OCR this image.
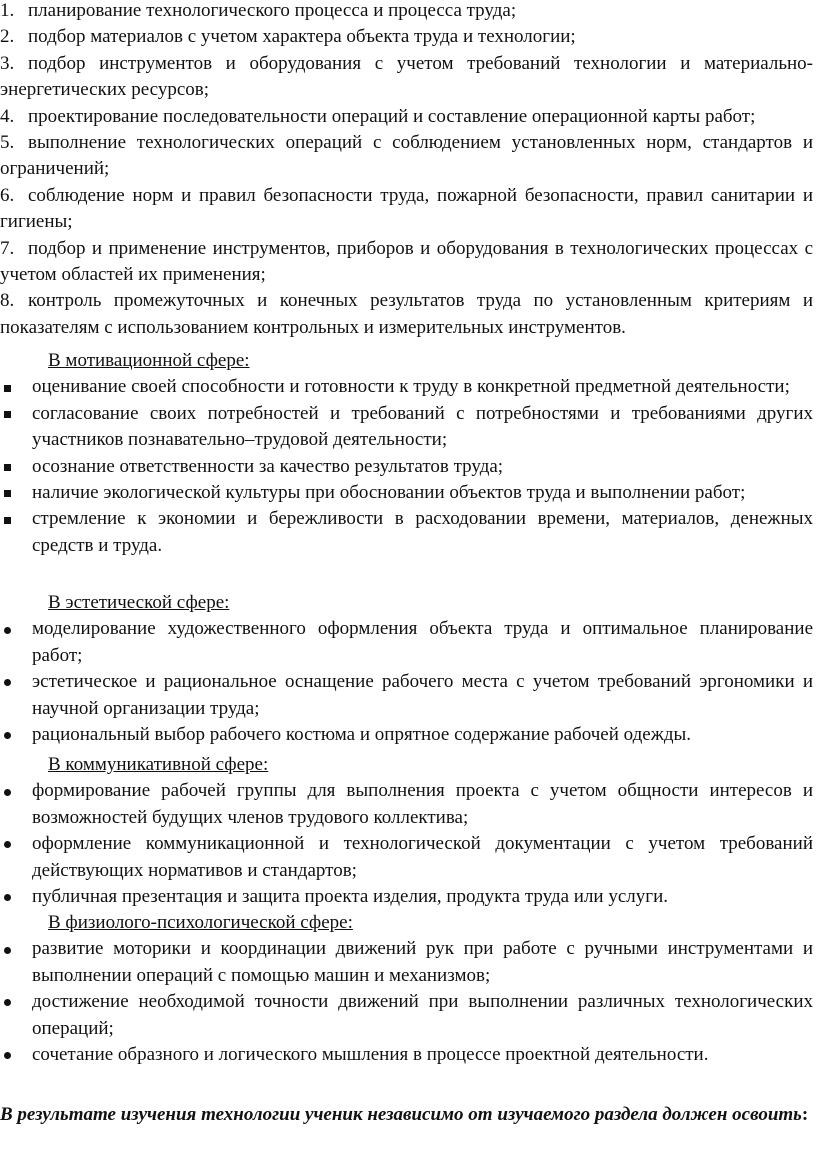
1. планирование технологического процесса и процесса труда;

2. подбор материалов с учетом характера объекта труда и технологии;

3. подбор инструментов и оборудования с учетом требований технологии и материально-энергетических ресурсов;

4. проектирование последовательности операций и составление операционной карты работ;

5. выполнение технологических операций с соблюдением установленных норм, стандартов и ограничений;

6. соблюдение норм и правил безопасности труда, пожарной безопасности, правил санитарии и гигиены;

7. подбор и применение инструментов, приборов и оборудования в технологических процессах с учетом областей их применения;

8. контроль промежуточных и конечных результатов труда по установленным критериям и показателям с использованием контрольных и измерительных инструментов.

В мотивационной сфере:

оценивание своей способности и готовности к труду в конкретной предметной деятельности;

согласование своих потребностей и требований с потребностями и требованиями других участников познавательно–трудовой деятельности;

осознание ответственности за качество результатов труда;

наличие экологической культуры при обосновании объектов труда и выполнении работ;

стремление к экономии и бережливости в расходовании времени, материалов, денежных средств и труда.

В эстетической сфере:

моделирование художественного оформления объекта труда и оптимальное планирование работ;

эстетическое и рациональное оснащение рабочего места с учетом требований эргономики и научной организации труда;

рациональный выбор рабочего костюма и опрятное содержание рабочей одежды.

В коммуникативной сфере:

формирование рабочей группы для выполнения проекта с учетом общности интересов и возможностей будущих членов трудового коллектива;

оформление коммуникационной и технологической документации с учетом требований действующих нормативов и стандартов;

публичная презентация и защита проекта изделия, продукта труда или услуги.

В физиолого-психологической сфере:

развитие моторики и координации движений рук при работе с ручными инструментами и выполнении операций с помощью машин и механизмов;

достижение необходимой точности движений при выполнении различных технологических операций;

сочетание образного и логического мышления в процессе проектной деятельности.

В результате изучения технологии ученик независимо от изучаемого раздела должен освоить:
